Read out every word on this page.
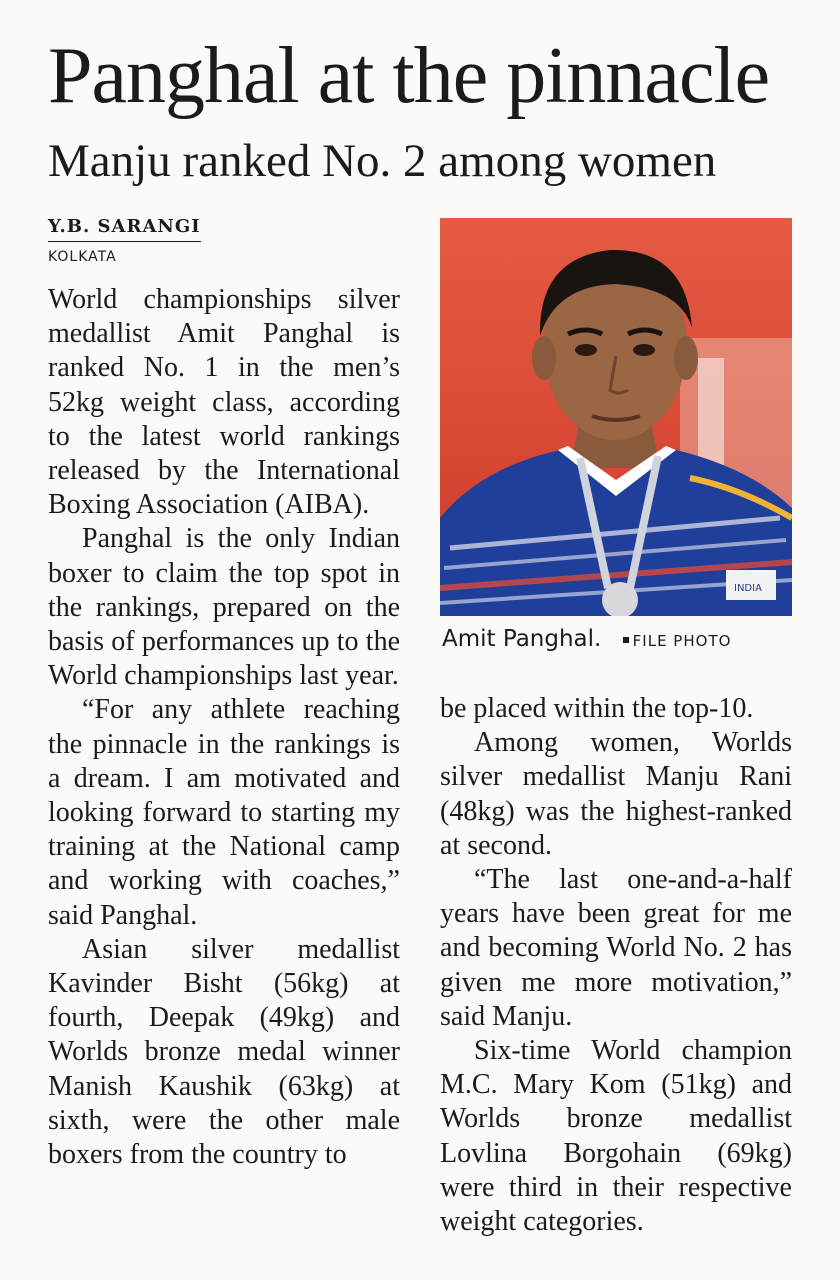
Panghal at the pinnacle
Manju ranked No. 2 among women
Y.B. SARANGI
KOLKATA

World championships silver medallist Amit Panghal is ranked No. 1 in the men’s 52kg weight class, according to the latest world rankings released by the International Boxing Association (AIBA).

Panghal is the only Indian boxer to claim the top spot in the rankings, prepared on the basis of performances up to the World championships last year.

“For any athlete reaching the pinnacle in the rankings is a dream. I am motivated and looking forward to starting my training at the National camp and working with coaches,” said Panghal.

Asian silver medallist Kavinder Bisht (56kg) at fourth, Deepak (49kg) and Worlds bronze medal winner Manish Kaushik (63kg) at sixth, were the other male boxers from the country to

INDIA
Amit Panghal. FILE PHOTO

be placed within the top-10.

Among women, Worlds silver medallist Manju Rani (48kg) was the highest-ranked at second.

“The last one-and-a-half years have been great for me and becoming World No. 2 has given me more motivation,” said Manju.

Six-time World champion M.C. Mary Kom (51kg) and Worlds bronze medallist Lovlina Borgohain (69kg) were third in their respective weight categories.
